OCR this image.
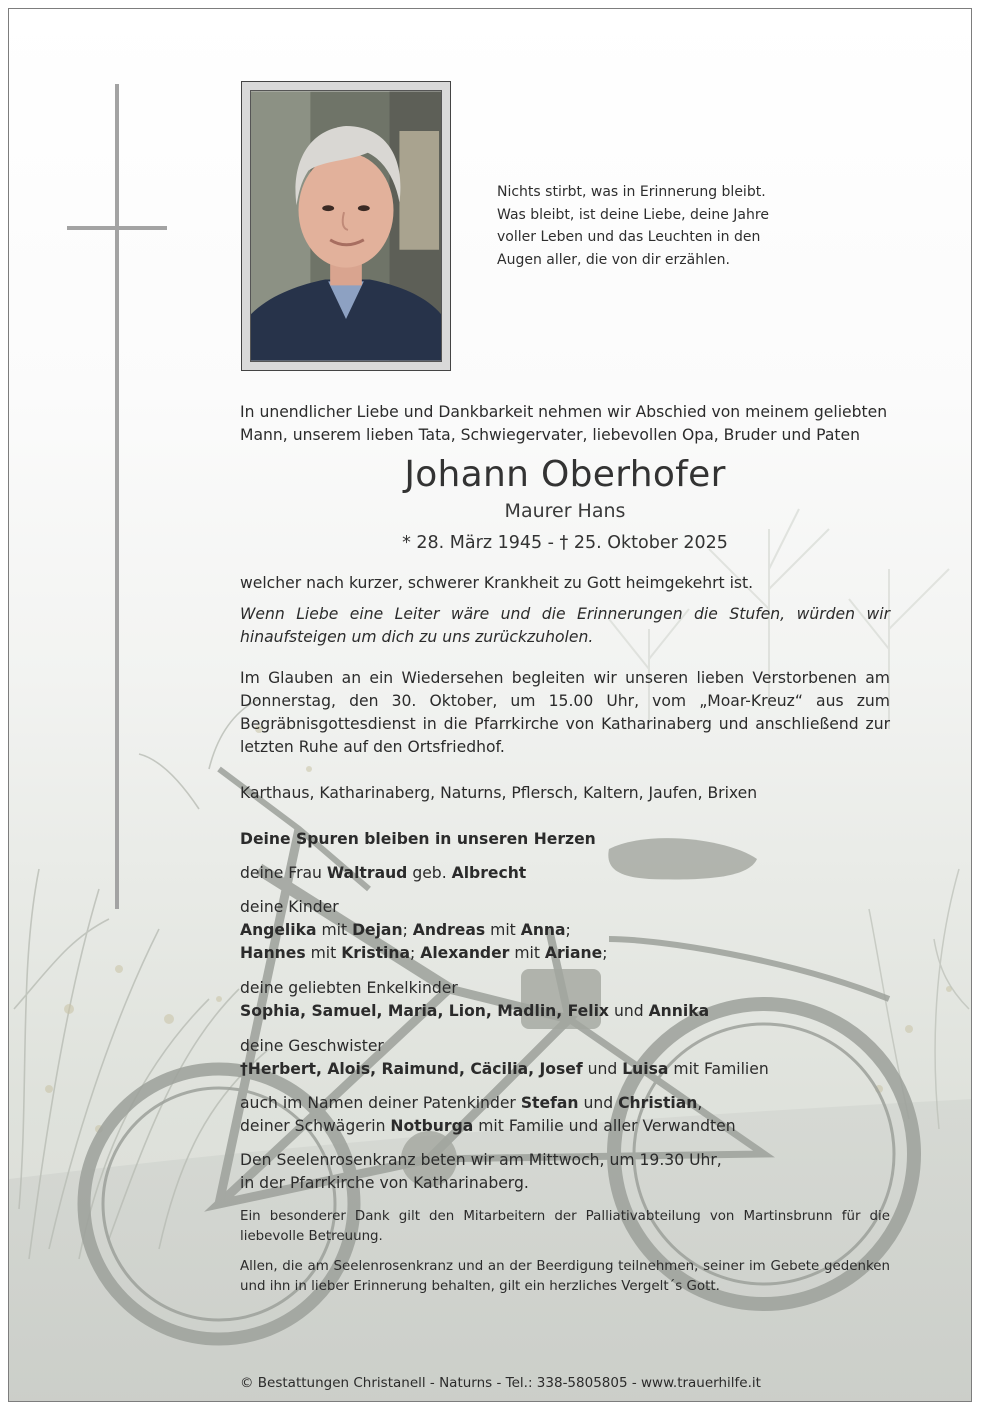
Nichts stirbt, was in Erinnerung bleibt.
Was bleibt, ist deine Liebe, deine Jahre
voller Leben und das Leuchten in den
Augen aller, die von dir erzählen.
In unendlicher Liebe und Dankbarkeit nehmen wir Abschied von meinem geliebten
Mann, unserem lieben Tata, Schwiegervater, liebevollen Opa, Bruder und Paten
Johann Oberhofer
Maurer Hans
* 28. März 1945 - † 25. Oktober 2025
welcher nach kurzer, schwerer Krankheit zu Gott heimgekehrt ist.
Wenn Liebe eine Leiter wäre und die Erinnerungen die Stufen, würden wir hinaufsteigen um dich zu uns zurückzuholen.
Im Glauben an ein Wiedersehen begleiten wir unseren lieben Verstorbenen am Donnerstag, den 30. Oktober, um 15.00 Uhr, vom „Moar-Kreuz“ aus zum Begräbnisgottesdienst in die Pfarrkirche von Katharinaberg und anschließend zur letzten Ruhe auf den Ortsfriedhof.
Karthaus, Katharinaberg, Naturns, Pflersch, Kaltern, Jaufen, Brixen
Deine Spuren bleiben in unseren Herzen
deine Frau Waltraud geb. Albrecht
deine Kinder
Angelika mit Dejan; Andreas mit Anna;
Hannes mit Kristina; Alexander mit Ariane;
deine geliebten Enkelkinder
Sophia, Samuel, Maria, Lion, Madlin, Felix und Annika
deine Geschwister
†Herbert, Alois, Raimund, Cäcilia, Josef und Luisa mit Familien
auch im Namen deiner Patenkinder Stefan und Christian,
deiner Schwägerin Notburga mit Familie und aller Verwandten
Den Seelenrosenkranz beten wir am Mittwoch, um 19.30 Uhr,
in der Pfarrkirche von Katharinaberg.
Ein besonderer Dank gilt den Mitarbeitern der Palliativabteilung von Martinsbrunn für die liebevolle Betreuung.
Allen, die am Seelenrosenkranz und an der Beerdigung teilnehmen, seiner im Gebete gedenken und ihn in lieber Erinnerung behalten, gilt ein herzliches Vergelt´s Gott.
© Bestattungen Christanell - Naturns - Tel.: 338-5805805 - www.trauerhilfe.it
